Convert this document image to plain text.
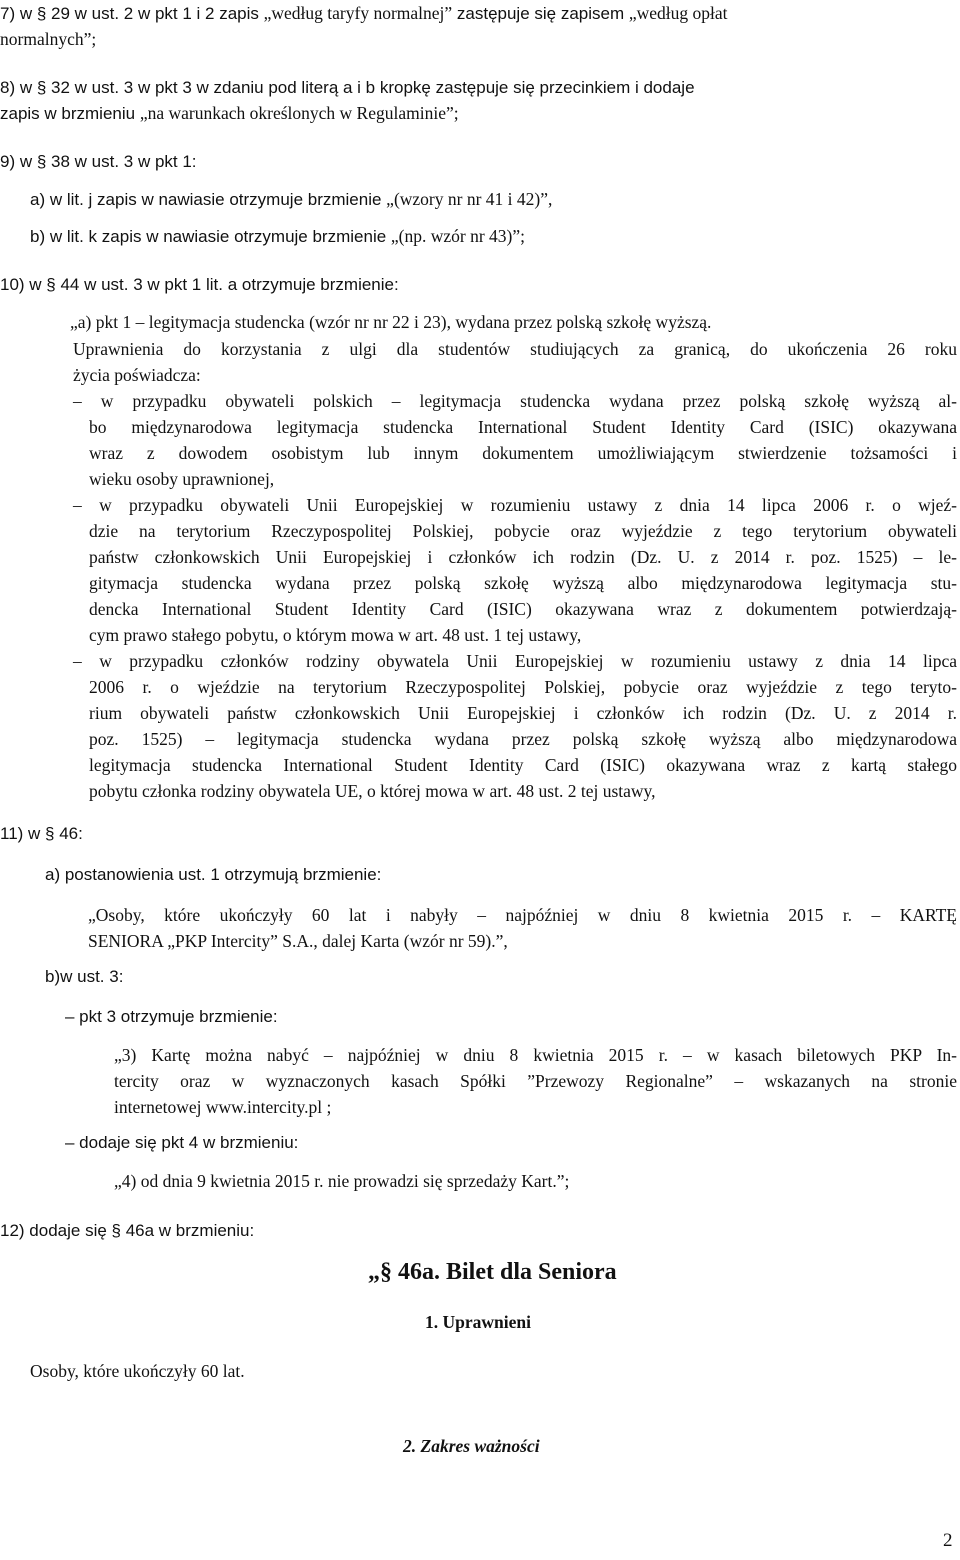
7) w § 29 w ust. 2 w pkt 1 i 2 zapis „według taryfy normalnej” zastępuje się zapisem „według opłat
normalnych”;
8) w § 32 w ust. 3 w pkt 3 w zdaniu pod literą a i b kropkę zastępuje się przecinkiem i dodaje
zapis w brzmieniu „na warunkach określonych w Regulaminie”;
9) w § 38 w ust. 3 w pkt 1:
a) w lit. j zapis w nawiasie otrzymuje brzmienie „(wzory nr nr 41 i 42)”,
b) w lit. k zapis w nawiasie otrzymuje brzmienie „(np. wzór nr 43)”;
10) w § 44 w ust. 3 w pkt 1 lit. a otrzymuje brzmienie:
„a) pkt 1 – legitymacja studencka (wzór nr nr 22 i 23), wydana przez polską szkołę wyższą.
Uprawnienia do korzystania z ulgi dla studentów studiujących za granicą, do ukończenia 26 roku
życia poświadcza:
– w przypadku obywateli polskich – legitymacja studencka wydana przez polską szkołę wyższą al-
bo międzynarodowa legitymacja studencka International Student Identity Card (ISIC) okazywana
wraz z dowodem osobistym lub innym dokumentem umożliwiającym stwierdzenie tożsamości i
wieku osoby uprawnionej,
– w przypadku obywateli Unii Europejskiej w rozumieniu ustawy z dnia 14 lipca 2006 r. o wjeź-
dzie na terytorium Rzeczypospolitej Polskiej, pobycie oraz wyjeździe z tego terytorium obywateli
państw członkowskich Unii Europejskiej i członków ich rodzin (Dz. U. z 2014 r. poz. 1525) – le-
gitymacja studencka wydana przez polską szkołę wyższą albo międzynarodowa legitymacja stu-
dencka International Student Identity Card (ISIC) okazywana wraz z dokumentem potwierdzają-
cym prawo stałego pobytu, o którym mowa w art. 48 ust. 1 tej ustawy,
– w przypadku członków rodziny obywatela Unii Europejskiej w rozumieniu ustawy z dnia 14 lipca
2006 r. o wjeździe na terytorium Rzeczypospolitej Polskiej, pobycie oraz wyjeździe z tego teryto-
rium obywateli państw członkowskich Unii Europejskiej i członków ich rodzin (Dz. U. z 2014 r.
poz. 1525) – legitymacja studencka wydana przez polską szkołę wyższą albo międzynarodowa
legitymacja studencka International Student Identity Card (ISIC) okazywana wraz z kartą stałego
pobytu członka rodziny obywatela UE, o której mowa w art. 48 ust. 2 tej ustawy,
11) w § 46:
a) postanowienia ust. 1 otrzymują brzmienie:
„Osoby, które ukończyły 60 lat i nabyły – najpóźniej w dniu 8 kwietnia 2015 r. – KARTĘ
SENIORA „PKP Intercity” S.A., dalej Karta (wzór nr 59).”,
b)w ust. 3:
– pkt 3 otrzymuje brzmienie:
„3) Kartę można nabyć – najpóźniej w dniu 8 kwietnia 2015 r. – w kasach biletowych PKP In-
tercity oraz w wyznaczonych kasach Spółki ”Przewozy Regionalne” – wskazanych na stronie
internetowej www.intercity.pl ;
– dodaje się pkt 4 w brzmieniu:
„4) od dnia 9 kwietnia 2015 r. nie prowadzi się sprzedaży Kart.”;
12) dodaje się § 46a w brzmieniu:
„§ 46a. Bilet dla Seniora
1. Uprawnieni
Osoby, które ukończyły 60 lat.
2. Zakres ważności
2
